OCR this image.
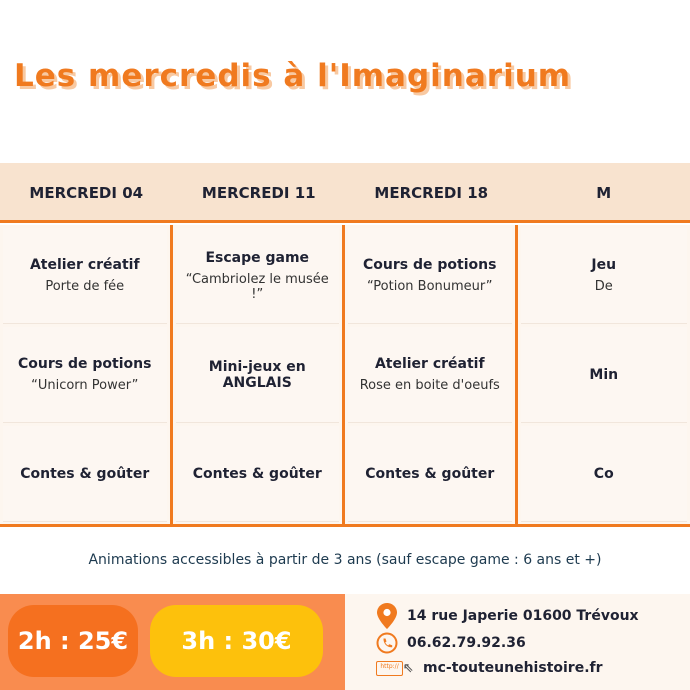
Les mercredis à l'Imaginarium
MERCREDI 04
Atelier créatif
Porte de fée
Cours de potions
“Unicorn Power”
Contes & goûter
MERCREDI 11
Escape game
“Cambriolez le musée !”
Mini-jeux en ANGLAIS
Contes & goûter
MERCREDI 18
Cours de potions
“Potion Bonumeur”
Atelier créatif
Rose en boite d'oeufs
Contes & goûter
M
Jeu
De
Min
Co
Animations accessibles à partir de 3 ans (sauf escape game : 6 ans et +)
2h : 25€	3h : 30€
14 rue Japerie 01600 Trévoux
06.62.79.92.36
http:// ⇖ mc-touteunehistoire.fr
